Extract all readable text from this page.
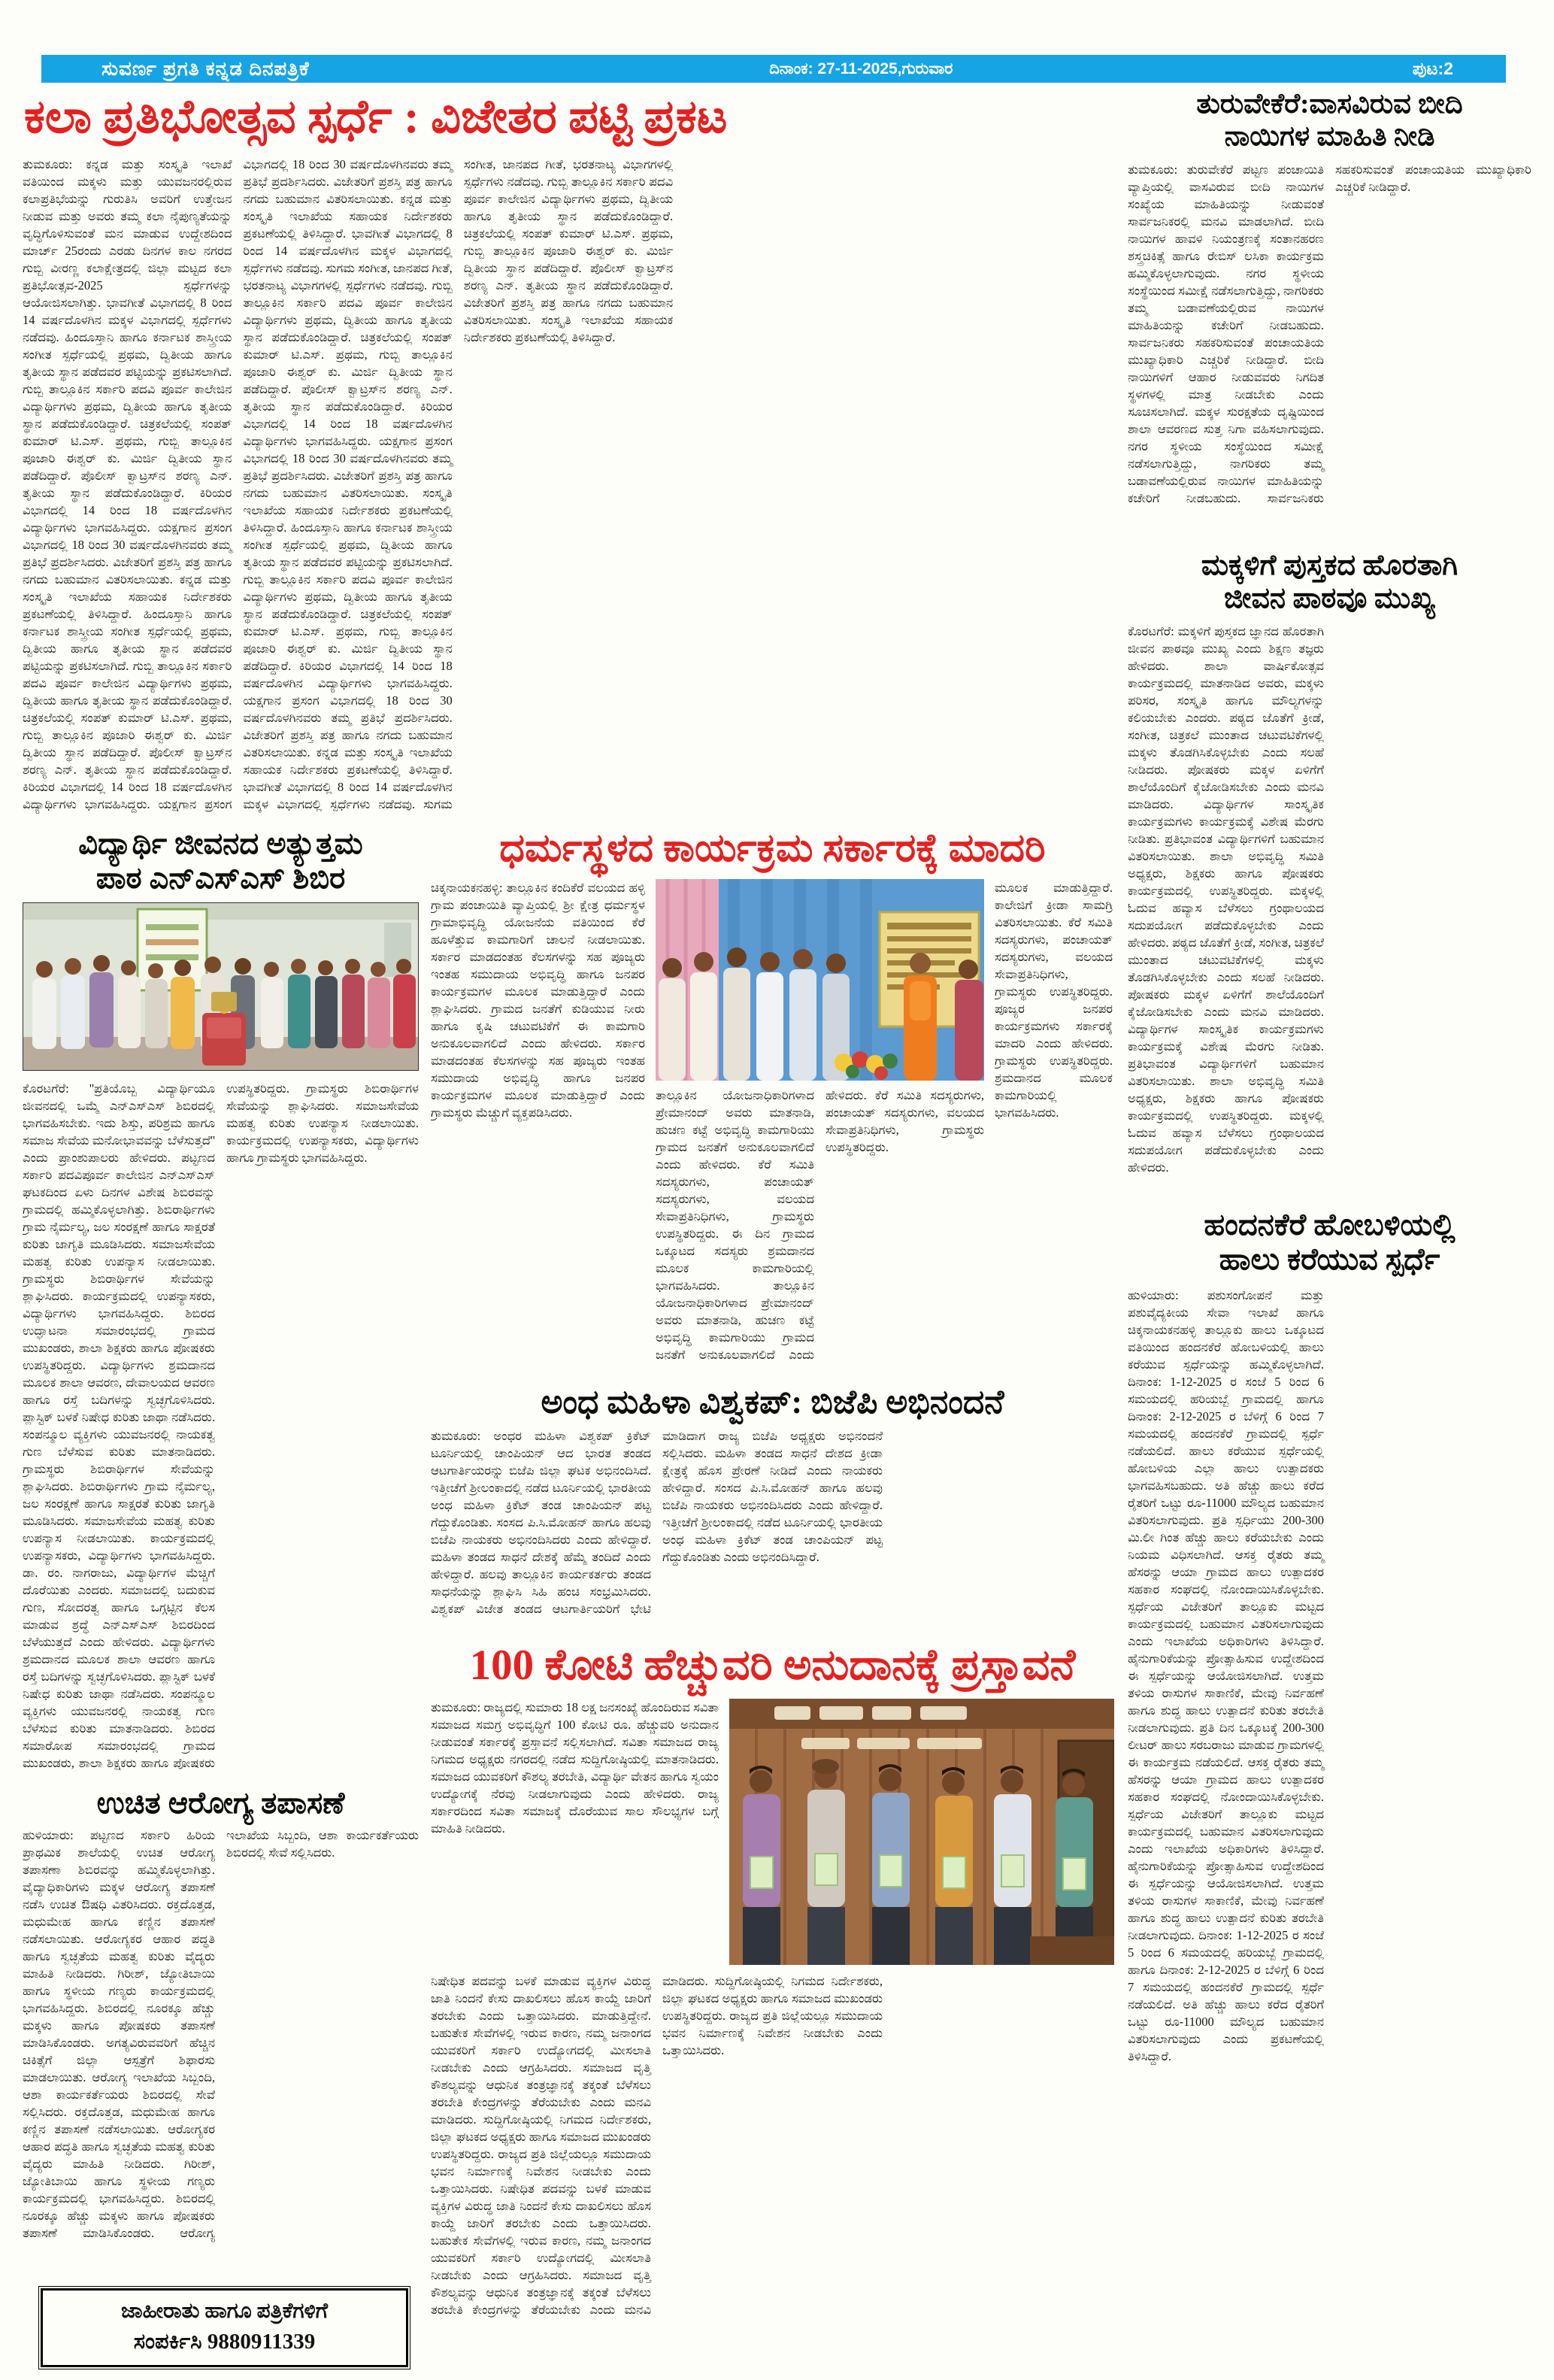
ಸುವರ್ಣ ಪ್ರಗತಿ ಕನ್ನಡ ದಿನಪತ್ರಿಕೆ	ದಿನಾಂಕ: 27-11-2025,ಗುರುವಾರ	ಪುಟ:2
ಕಲಾ ಪ್ರತಿಭೋತ್ಸವ ಸ್ಪರ್ಧೆ : ವಿಜೇತರ ಪಟ್ಟಿ ಪ್ರಕಟ
ತುಮಕೂರು: ಕನ್ನಡ ಮತ್ತು ಸಂಸ್ಕೃತಿ ಇಲಾಖೆ ವತಿಯಿಂದ ಮಕ್ಕಳು ಮತ್ತು ಯುವಜನರಲ್ಲಿರುವ ಕಲಾಪ್ರತಿಭೆಯನ್ನು ಗುರುತಿಸಿ ಅವರಿಗೆ ಉತ್ತೇಜನ ನೀಡುವ ಮತ್ತು ಅವರು ತಮ್ಮ ಕಲಾ ನೈಪುಣ್ಯತೆಯನ್ನು ವೃದ್ಧಿಗೊಳಿಸುವಂತೆ ಮನ ಮಾಡುವ ಉದ್ದೇಶದಿಂದ ಮಾರ್ಚ್ 25ರಂದು ಎರಡು ದಿನಗಳ ಕಾಲ ನಗರದ ಗುಬ್ಬಿ ವೀರಣ್ಣ ಕಲಾಕ್ಷೇತ್ರದಲ್ಲಿ ಜಿಲ್ಲಾ ಮಟ್ಟದ ಕಲಾ ಪ್ರತಿಭೋತ್ಸವ-2025 ಸ್ಪರ್ಧೆಗಳನ್ನು ಆಯೋಜಿಸಲಾಗಿತ್ತು. ಭಾವಗೀತೆ ವಿಭಾಗದಲ್ಲಿ 8 ರಿಂದ 14 ವರ್ಷದೊಳಗಿನ ಮಕ್ಕಳ ವಿಭಾಗದಲ್ಲಿ ಸ್ಪರ್ಧೆಗಳು ನಡೆದವು. ಹಿಂದೂಸ್ತಾನಿ ಹಾಗೂ ಕರ್ನಾಟಕ ಶಾಸ್ತ್ರೀಯ ಸಂಗೀತ ಸ್ಪರ್ಧೆಯಲ್ಲಿ ಪ್ರಥಮ, ದ್ವಿತೀಯ ಹಾಗೂ ತೃತೀಯ ಸ್ಥಾನ ಪಡೆದವರ ಪಟ್ಟಿಯನ್ನು ಪ್ರಕಟಿಸಲಾಗಿದೆ. ಗುಬ್ಬಿ ತಾಲ್ಲೂಕಿನ ಸರ್ಕಾರಿ ಪದವಿ ಪೂರ್ವ ಕಾಲೇಜಿನ ವಿದ್ಯಾರ್ಥಿಗಳು ಪ್ರಥಮ, ದ್ವಿತೀಯ ಹಾಗೂ ತೃತೀಯ ಸ್ಥಾನ ಪಡೆದುಕೊಂಡಿದ್ದಾರೆ. ಚಿತ್ರಕಲೆಯಲ್ಲಿ ಸಂಪತ್ ಕುಮಾರ್ ಟಿ.ಎಸ್. ಪ್ರಥಮ, ಗುಬ್ಬಿ ತಾಲ್ಲೂಕಿನ ಪೂಜಾರಿ ಈಶ್ವರ್ ಕು. ಮಿರ್ಜಿ ದ್ವಿತೀಯ ಸ್ಥಾನ ಪಡೆದಿದ್ದಾರೆ. ಪೊಲೀಸ್ ಕ್ವಾಟ್ರಸ್‌ನ ಶರಣ್ಯ ಎನ್. ತೃತೀಯ ಸ್ಥಾನ ಪಡೆದುಕೊಂಡಿದ್ದಾರೆ. ಕಿರಿಯರ ವಿಭಾಗದಲ್ಲಿ 14 ರಿಂದ 18 ವರ್ಷದೊಳಗಿನ ವಿದ್ಯಾರ್ಥಿಗಳು ಭಾಗವಹಿಸಿದ್ದರು. ಯಕ್ಷಗಾನ ಪ್ರಸಂಗ ವಿಭಾಗದಲ್ಲಿ 18 ರಿಂದ 30 ವರ್ಷದೊಳಗಿನವರು ತಮ್ಮ ಪ್ರತಿಭೆ ಪ್ರದರ್ಶಿಸಿದರು. ವಿಜೇತರಿಗೆ ಪ್ರಶಸ್ತಿ ಪತ್ರ ಹಾಗೂ ನಗದು ಬಹುಮಾನ ವಿತರಿಸಲಾಯಿತು. ಕನ್ನಡ ಮತ್ತು ಸಂಸ್ಕೃತಿ ಇಲಾಖೆಯ ಸಹಾಯಕ ನಿರ್ದೇಶಕರು ಪ್ರಕಟಣೆಯಲ್ಲಿ ತಿಳಿಸಿದ್ದಾರೆ. ಹಿಂದೂಸ್ತಾನಿ ಹಾಗೂ ಕರ್ನಾಟಕ ಶಾಸ್ತ್ರೀಯ ಸಂಗೀತ ಸ್ಪರ್ಧೆಯಲ್ಲಿ ಪ್ರಥಮ, ದ್ವಿತೀಯ ಹಾಗೂ ತೃತೀಯ ಸ್ಥಾನ ಪಡೆದವರ ಪಟ್ಟಿಯನ್ನು ಪ್ರಕಟಿಸಲಾಗಿದೆ. ಗುಬ್ಬಿ ತಾಲ್ಲೂಕಿನ ಸರ್ಕಾರಿ ಪದವಿ ಪೂರ್ವ ಕಾಲೇಜಿನ ವಿದ್ಯಾರ್ಥಿಗಳು ಪ್ರಥಮ, ದ್ವಿತೀಯ ಹಾಗೂ ತೃತೀಯ ಸ್ಥಾನ ಪಡೆದುಕೊಂಡಿದ್ದಾರೆ. ಚಿತ್ರಕಲೆಯಲ್ಲಿ ಸಂಪತ್ ಕುಮಾರ್ ಟಿ.ಎಸ್. ಪ್ರಥಮ, ಗುಬ್ಬಿ ತಾಲ್ಲೂಕಿನ ಪೂಜಾರಿ ಈಶ್ವರ್ ಕು. ಮಿರ್ಜಿ ದ್ವಿತೀಯ ಸ್ಥಾನ ಪಡೆದಿದ್ದಾರೆ. ಪೊಲೀಸ್ ಕ್ವಾಟ್ರಸ್‌ನ ಶರಣ್ಯ ಎನ್. ತೃತೀಯ ಸ್ಥಾನ ಪಡೆದುಕೊಂಡಿದ್ದಾರೆ. ಕಿರಿಯರ ವಿಭಾಗದಲ್ಲಿ 14 ರಿಂದ 18 ವರ್ಷದೊಳಗಿನ ವಿದ್ಯಾರ್ಥಿಗಳು ಭಾಗವಹಿಸಿದ್ದರು. ಯಕ್ಷಗಾನ ಪ್ರಸಂಗ ವಿಭಾಗದಲ್ಲಿ 18 ರಿಂದ 30 ವರ್ಷದೊಳಗಿನವರು ತಮ್ಮ ಪ್ರತಿಭೆ ಪ್ರದರ್ಶಿಸಿದರು. ವಿಜೇತರಿಗೆ ಪ್ರಶಸ್ತಿ ಪತ್ರ ಹಾಗೂ ನಗದು ಬಹುಮಾನ ವಿತರಿಸಲಾಯಿತು. ಕನ್ನಡ ಮತ್ತು ಸಂಸ್ಕೃತಿ ಇಲಾಖೆಯ ಸಹಾಯಕ ನಿರ್ದೇಶಕರು ಪ್ರಕಟಣೆಯಲ್ಲಿ ತಿಳಿಸಿದ್ದಾರೆ. ಭಾವಗೀತೆ ವಿಭಾಗದಲ್ಲಿ 8 ರಿಂದ 14 ವರ್ಷದೊಳಗಿನ ಮಕ್ಕಳ ವಿಭಾಗದಲ್ಲಿ ಸ್ಪರ್ಧೆಗಳು ನಡೆದವು. ಸುಗಮ ಸಂಗೀತ, ಜಾನಪದ ಗೀತೆ, ಭರತನಾಟ್ಯ ವಿಭಾಗಗಳಲ್ಲಿ ಸ್ಪರ್ಧೆಗಳು ನಡೆದವು. ಗುಬ್ಬಿ ತಾಲ್ಲೂಕಿನ ಸರ್ಕಾರಿ ಪದವಿ ಪೂರ್ವ ಕಾಲೇಜಿನ ವಿದ್ಯಾರ್ಥಿಗಳು ಪ್ರಥಮ, ದ್ವಿತೀಯ ಹಾಗೂ ತೃತೀಯ ಸ್ಥಾನ ಪಡೆದುಕೊಂಡಿದ್ದಾರೆ. ಚಿತ್ರಕಲೆಯಲ್ಲಿ ಸಂಪತ್ ಕುಮಾರ್ ಟಿ.ಎಸ್. ಪ್ರಥಮ, ಗುಬ್ಬಿ ತಾಲ್ಲೂಕಿನ ಪೂಜಾರಿ ಈಶ್ವರ್ ಕು. ಮಿರ್ಜಿ ದ್ವಿತೀಯ ಸ್ಥಾನ ಪಡೆದಿದ್ದಾರೆ. ಪೊಲೀಸ್ ಕ್ವಾಟ್ರಸ್‌ನ ಶರಣ್ಯ ಎನ್. ತೃತೀಯ ಸ್ಥಾನ ಪಡೆದುಕೊಂಡಿದ್ದಾರೆ. ಕಿರಿಯರ ವಿಭಾಗದಲ್ಲಿ 14 ರಿಂದ 18 ವರ್ಷದೊಳಗಿನ ವಿದ್ಯಾರ್ಥಿಗಳು ಭಾಗವಹಿಸಿದ್ದರು. ಯಕ್ಷಗಾನ ಪ್ರಸಂಗ ವಿಭಾಗದಲ್ಲಿ 18 ರಿಂದ 30 ವರ್ಷದೊಳಗಿನವರು ತಮ್ಮ ಪ್ರತಿಭೆ ಪ್ರದರ್ಶಿಸಿದರು. ವಿಜೇತರಿಗೆ ಪ್ರಶಸ್ತಿ ಪತ್ರ ಹಾಗೂ ನಗದು ಬಹುಮಾನ ವಿತರಿಸಲಾಯಿತು. ಸಂಸ್ಕೃತಿ ಇಲಾಖೆಯ ಸಹಾಯಕ ನಿರ್ದೇಶಕರು ಪ್ರಕಟಣೆಯಲ್ಲಿ ತಿಳಿಸಿದ್ದಾರೆ. ಹಿಂದೂಸ್ತಾನಿ ಹಾಗೂ ಕರ್ನಾಟಕ ಶಾಸ್ತ್ರೀಯ ಸಂಗೀತ ಸ್ಪರ್ಧೆಯಲ್ಲಿ ಪ್ರಥಮ, ದ್ವಿತೀಯ ಹಾಗೂ ತೃತೀಯ ಸ್ಥಾನ ಪಡೆದವರ ಪಟ್ಟಿಯನ್ನು ಪ್ರಕಟಿಸಲಾಗಿದೆ. ಗುಬ್ಬಿ ತಾಲ್ಲೂಕಿನ ಸರ್ಕಾರಿ ಪದವಿ ಪೂರ್ವ ಕಾಲೇಜಿನ ವಿದ್ಯಾರ್ಥಿಗಳು ಪ್ರಥಮ, ದ್ವಿತೀಯ ಹಾಗೂ ತೃತೀಯ ಸ್ಥಾನ ಪಡೆದುಕೊಂಡಿದ್ದಾರೆ. ಚಿತ್ರಕಲೆಯಲ್ಲಿ ಸಂಪತ್ ಕುಮಾರ್ ಟಿ.ಎಸ್. ಪ್ರಥಮ, ಗುಬ್ಬಿ ತಾಲ್ಲೂಕಿನ ಪೂಜಾರಿ ಈಶ್ವರ್ ಕು. ಮಿರ್ಜಿ ದ್ವಿತೀಯ ಸ್ಥಾನ ಪಡೆದಿದ್ದಾರೆ. ಕಿರಿಯರ ವಿಭಾಗದಲ್ಲಿ 14 ರಿಂದ 18 ವರ್ಷದೊಳಗಿನ ವಿದ್ಯಾರ್ಥಿಗಳು ಭಾಗವಹಿಸಿದ್ದರು. ಯಕ್ಷಗಾನ ಪ್ರಸಂಗ ವಿಭಾಗದಲ್ಲಿ 18 ರಿಂದ 30 ವರ್ಷದೊಳಗಿನವರು ತಮ್ಮ ಪ್ರತಿಭೆ ಪ್ರದರ್ಶಿಸಿದರು. ವಿಜೇತರಿಗೆ ಪ್ರಶಸ್ತಿ ಪತ್ರ ಹಾಗೂ ನಗದು ಬಹುಮಾನ ವಿತರಿಸಲಾಯಿತು. ಕನ್ನಡ ಮತ್ತು ಸಂಸ್ಕೃತಿ ಇಲಾಖೆಯ ಸಹಾಯಕ ನಿರ್ದೇಶಕರು ಪ್ರಕಟಣೆಯಲ್ಲಿ ತಿಳಿಸಿದ್ದಾರೆ. ಭಾವಗೀತೆ ವಿಭಾಗದಲ್ಲಿ 8 ರಿಂದ 14 ವರ್ಷದೊಳಗಿನ ಮಕ್ಕಳ ವಿಭಾಗದಲ್ಲಿ ಸ್ಪರ್ಧೆಗಳು ನಡೆದವು. ಸುಗಮ ಸಂಗೀತ, ಜಾನಪದ ಗೀತೆ, ಭರತನಾಟ್ಯ ವಿಭಾಗಗಳಲ್ಲಿ ಸ್ಪರ್ಧೆಗಳು ನಡೆದವು. ಗುಬ್ಬಿ ತಾಲ್ಲೂಕಿನ ಸರ್ಕಾರಿ ಪದವಿ ಪೂರ್ವ ಕಾಲೇಜಿನ ವಿದ್ಯಾರ್ಥಿಗಳು ಪ್ರಥಮ, ದ್ವಿತೀಯ ಹಾಗೂ ತೃತೀಯ ಸ್ಥಾನ ಪಡೆದುಕೊಂಡಿದ್ದಾರೆ. ಚಿತ್ರಕಲೆಯಲ್ಲಿ ಸಂಪತ್ ಕುಮಾರ್ ಟಿ.ಎಸ್. ಪ್ರಥಮ, ಗುಬ್ಬಿ ತಾಲ್ಲೂಕಿನ ಪೂಜಾರಿ ಈಶ್ವರ್ ಕು. ಮಿರ್ಜಿ ದ್ವಿತೀಯ ಸ್ಥಾನ ಪಡೆದಿದ್ದಾರೆ. ಪೊಲೀಸ್ ಕ್ವಾಟ್ರಸ್‌ನ ಶರಣ್ಯ ಎನ್. ತೃತೀಯ ಸ್ಥಾನ ಪಡೆದುಕೊಂಡಿದ್ದಾರೆ. ವಿಜೇತರಿಗೆ ಪ್ರಶಸ್ತಿ ಪತ್ರ ಹಾಗೂ ನಗದು ಬಹುಮಾನ ವಿತರಿಸಲಾಯಿತು. ಸಂಸ್ಕೃತಿ ಇಲಾಖೆಯ ಸಹಾಯಕ ನಿರ್ದೇಶಕರು ಪ್ರಕಟಣೆಯಲ್ಲಿ ತಿಳಿಸಿದ್ದಾರೆ.
ವಿದ್ಯಾರ್ಥಿ ಜೀವನದ ಅತ್ಯುತ್ತಮ
ಪಾಠ ಎನ್‌ಎಸ್‌ಎಸ್ ಶಿಬಿರ
ಕೊರಟಗೆರೆ: ''ಪ್ರತಿಯೊಬ್ಬ ವಿದ್ಯಾರ್ಥಿಯೂ ಜೀವನದಲ್ಲಿ ಒಮ್ಮೆ ಎನ್‌ಎಸ್‌ಎಸ್ ಶಿಬಿರದಲ್ಲಿ ಭಾಗವಹಿಸಬೇಕು. ಇದು ಶಿಸ್ತು, ಪರಿಶ್ರಮ ಹಾಗೂ ಸಮಾಜ ಸೇವೆಯ ಮನೋಭಾವವನ್ನು ಬೆಳೆಸುತ್ತದೆ'' ಎಂದು ಪ್ರಾಂಶುಪಾಲರು ಹೇಳಿದರು. ಪಟ್ಟಣದ ಸರ್ಕಾರಿ ಪದವಿಪೂರ್ವ ಕಾಲೇಜಿನ ಎನ್‌ಎಸ್‌ಎಸ್ ಘಟಕದಿಂದ ಏಳು ದಿನಗಳ ವಿಶೇಷ ಶಿಬಿರವನ್ನು ಗ್ರಾಮದಲ್ಲಿ ಹಮ್ಮಿಕೊಳ್ಳಲಾಗಿತ್ತು. ಶಿಬಿರಾರ್ಥಿಗಳು ಗ್ರಾಮ ನೈರ್ಮಲ್ಯ, ಜಲ ಸಂರಕ್ಷಣೆ ಹಾಗೂ ಸಾಕ್ಷರತೆ ಕುರಿತು ಜಾಗೃತಿ ಮೂಡಿಸಿದರು. ಸಮಾಜಸೇವೆಯ ಮಹತ್ವ ಕುರಿತು ಉಪನ್ಯಾಸ ನೀಡಲಾಯಿತು. ಗ್ರಾಮಸ್ಥರು ಶಿಬಿರಾರ್ಥಿಗಳ ಸೇವೆಯನ್ನು ಶ್ಲಾಘಿಸಿದರು. ಕಾರ್ಯಕ್ರಮದಲ್ಲಿ ಉಪನ್ಯಾಸಕರು, ವಿದ್ಯಾರ್ಥಿಗಳು ಭಾಗವಹಿಸಿದ್ದರು. ಶಿಬಿರದ ಉದ್ಘಾಟನಾ ಸಮಾರಂಭದಲ್ಲಿ ಗ್ರಾಮದ ಮುಖಂಡರು, ಶಾಲಾ ಶಿಕ್ಷಕರು ಹಾಗೂ ಪೋಷಕರು ಉಪಸ್ಥಿತರಿದ್ದರು. ವಿದ್ಯಾರ್ಥಿಗಳು ಶ್ರಮದಾನದ ಮೂಲಕ ಶಾಲಾ ಆವರಣ, ದೇವಾಲಯದ ಆವರಣ ಹಾಗೂ ರಸ್ತೆ ಬದಿಗಳನ್ನು ಸ್ವಚ್ಛಗೊಳಿಸಿದರು. ಪ್ಲಾಸ್ಟಿಕ್ ಬಳಕೆ ನಿಷೇಧ ಕುರಿತು ಜಾಥಾ ನಡೆಸಿದರು. ಸಂಪನ್ಮೂಲ ವ್ಯಕ್ತಿಗಳು ಯುವಜನರಲ್ಲಿ ನಾಯಕತ್ವ ಗುಣ ಬೆಳೆಸುವ ಕುರಿತು ಮಾತನಾಡಿದರು. ಗ್ರಾಮಸ್ಥರು ಶಿಬಿರಾರ್ಥಿಗಳ ಸೇವೆಯನ್ನು ಶ್ಲಾಘಿಸಿದರು. ಶಿಬಿರಾರ್ಥಿಗಳು ಗ್ರಾಮ ನೈರ್ಮಲ್ಯ, ಜಲ ಸಂರಕ್ಷಣೆ ಹಾಗೂ ಸಾಕ್ಷರತೆ ಕುರಿತು ಜಾಗೃತಿ ಮೂಡಿಸಿದರು. ಸಮಾಜಸೇವೆಯ ಮಹತ್ವ ಕುರಿತು ಉಪನ್ಯಾಸ ನೀಡಲಾಯಿತು. ಕಾರ್ಯಕ್ರಮದಲ್ಲಿ ಉಪನ್ಯಾಸಕರು, ವಿದ್ಯಾರ್ಥಿಗಳು ಭಾಗವಹಿಸಿದ್ದರು. ಡಾ. ರಂ. ನಾಗರಾಜು, ವಿದ್ಯಾರ್ಥಿಗಳ ಮೆಚ್ಚಿಗೆ ದೊರೆಯಿತು ಎಂದರು. ಸಮಾಜದಲ್ಲಿ ಬದುಕುವ ಗುಣ, ಸೋದರತ್ವ ಹಾಗೂ ಒಗ್ಗಟ್ಟಿನ ಕೆಲಸ ಮಾಡುವ ಶ್ರದ್ಧೆ ಎನ್‌ಎಸ್‌ಎಸ್ ಶಿಬಿರದಿಂದ ಬೆಳೆಯುತ್ತದೆ ಎಂದು ಹೇಳಿದರು. ವಿದ್ಯಾರ್ಥಿಗಳು ಶ್ರಮದಾನದ ಮೂಲಕ ಶಾಲಾ ಆವರಣ ಹಾಗೂ ರಸ್ತೆ ಬದಿಗಳನ್ನು ಸ್ವಚ್ಛಗೊಳಿಸಿದರು. ಪ್ಲಾಸ್ಟಿಕ್ ಬಳಕೆ ನಿಷೇಧ ಕುರಿತು ಜಾಥಾ ನಡೆಸಿದರು. ಸಂಪನ್ಮೂಲ ವ್ಯಕ್ತಿಗಳು ಯುವಜನರಲ್ಲಿ ನಾಯಕತ್ವ ಗುಣ ಬೆಳೆಸುವ ಕುರಿತು ಮಾತನಾಡಿದರು. ಶಿಬಿರದ ಸಮಾರೋಪ ಸಮಾರಂಭದಲ್ಲಿ ಗ್ರಾಮದ ಮುಖಂಡರು, ಶಾಲಾ ಶಿಕ್ಷಕರು ಹಾಗೂ ಪೋಷಕರು ಉಪಸ್ಥಿತರಿದ್ದರು. ಗ್ರಾಮಸ್ಥರು ಶಿಬಿರಾರ್ಥಿಗಳ ಸೇವೆಯನ್ನು ಶ್ಲಾಘಿಸಿದರು. ಸಮಾಜಸೇವೆಯ ಮಹತ್ವ ಕುರಿತು ಉಪನ್ಯಾಸ ನೀಡಲಾಯಿತು. ಕಾರ್ಯಕ್ರಮದಲ್ಲಿ ಉಪನ್ಯಾಸಕರು, ವಿದ್ಯಾರ್ಥಿಗಳು ಹಾಗೂ ಗ್ರಾಮಸ್ಥರು ಭಾಗವಹಿಸಿದ್ದರು.
ಉಚಿತ ಆರೋಗ್ಯ ತಪಾಸಣೆ
ಹುಳಿಯಾರು: ಪಟ್ಟಣದ ಸರ್ಕಾರಿ ಹಿರಿಯ ಪ್ರಾಥಮಿಕ ಶಾಲೆಯಲ್ಲಿ ಉಚಿತ ಆರೋಗ್ಯ ತಪಾಸಣಾ ಶಿಬಿರವನ್ನು ಹಮ್ಮಿಕೊಳ್ಳಲಾಗಿತ್ತು. ವೈದ್ಯಾಧಿಕಾರಿಗಳು ಮಕ್ಕಳ ಆರೋಗ್ಯ ತಪಾಸಣೆ ನಡೆಸಿ ಉಚಿತ ಔಷಧಿ ವಿತರಿಸಿದರು. ರಕ್ತದೊತ್ತಡ, ಮಧುಮೇಹ ಹಾಗೂ ಕಣ್ಣಿನ ತಪಾಸಣೆ ನಡೆಸಲಾಯಿತು. ಆರೋಗ್ಯಕರ ಆಹಾರ ಪದ್ಧತಿ ಹಾಗೂ ಸ್ವಚ್ಛತೆಯ ಮಹತ್ವ ಕುರಿತು ವೈದ್ಯರು ಮಾಹಿತಿ ನೀಡಿದರು. ಗಿರೀಶ್, ಜ್ಯೋತಿಬಾಯಿ ಹಾಗೂ ಸ್ಥಳೀಯ ಗಣ್ಯರು ಕಾರ್ಯಕ್ರಮದಲ್ಲಿ ಭಾಗವಹಿಸಿದ್ದರು. ಶಿಬಿರದಲ್ಲಿ ನೂರಕ್ಕೂ ಹೆಚ್ಚು ಮಕ್ಕಳು ಹಾಗೂ ಪೋಷಕರು ತಪಾಸಣೆ ಮಾಡಿಸಿಕೊಂಡರು. ಅಗತ್ಯವಿರುವವರಿಗೆ ಹೆಚ್ಚಿನ ಚಿಕಿತ್ಸೆಗೆ ಜಿಲ್ಲಾ ಆಸ್ಪತ್ರೆಗೆ ಶಿಫಾರಸು ಮಾಡಲಾಯಿತು. ಆರೋಗ್ಯ ಇಲಾಖೆಯ ಸಿಬ್ಬಂದಿ, ಆಶಾ ಕಾರ್ಯಕರ್ತೆಯರು ಶಿಬಿರದಲ್ಲಿ ಸೇವೆ ಸಲ್ಲಿಸಿದರು. ರಕ್ತದೊತ್ತಡ, ಮಧುಮೇಹ ಹಾಗೂ ಕಣ್ಣಿನ ತಪಾಸಣೆ ನಡೆಸಲಾಯಿತು. ಆರೋಗ್ಯಕರ ಆಹಾರ ಪದ್ಧತಿ ಹಾಗೂ ಸ್ವಚ್ಛತೆಯ ಮಹತ್ವ ಕುರಿತು ವೈದ್ಯರು ಮಾಹಿತಿ ನೀಡಿದರು. ಗಿರೀಶ್, ಜ್ಯೋತಿಬಾಯಿ ಹಾಗೂ ಸ್ಥಳೀಯ ಗಣ್ಯರು ಕಾರ್ಯಕ್ರಮದಲ್ಲಿ ಭಾಗವಹಿಸಿದ್ದರು. ಶಿಬಿರದಲ್ಲಿ ನೂರಕ್ಕೂ ಹೆಚ್ಚು ಮಕ್ಕಳು ಹಾಗೂ ಪೋಷಕರು ತಪಾಸಣೆ ಮಾಡಿಸಿಕೊಂಡರು. ಆರೋಗ್ಯ ಇಲಾಖೆಯ ಸಿಬ್ಬಂದಿ, ಆಶಾ ಕಾರ್ಯಕರ್ತೆಯರು ಶಿಬಿರದಲ್ಲಿ ಸೇವೆ ಸಲ್ಲಿಸಿದರು.
ಜಾಹೀರಾತು ಹಾಗೂ ಪತ್ರಿಕೆಗಳಿಗೆ
ಸಂಪರ್ಕಿಸಿ 9880911339
ಧರ್ಮಸ್ಥಳದ ಕಾರ್ಯಕ್ರಮ ಸರ್ಕಾರಕ್ಕೆ ಮಾದರಿ
ಚಿಕ್ಕನಾಯಕನಹಳ್ಳಿ: ತಾಲ್ಲೂಕಿನ ಕಂದಿಕೆರೆ ವಲಯದ ಹಳ್ಳಿ ಗ್ರಾಮ ಪಂಚಾಯಿತಿ ವ್ಯಾಪ್ತಿಯಲ್ಲಿ ಶ್ರೀ ಕ್ಷೇತ್ರ ಧರ್ಮಸ್ಥಳ ಗ್ರಾಮಾಭಿವೃದ್ಧಿ ಯೋಜನೆಯ ವತಿಯಿಂದ ಕೆರೆ ಹೂಳೆತ್ತುವ ಕಾಮಗಾರಿಗೆ ಚಾಲನೆ ನೀಡಲಾಯಿತು. ಸರ್ಕಾರ ಮಾಡದಂತಹ ಕೆಲಸಗಳನ್ನು ಸಹ ಪೂಜ್ಯರು ಇಂತಹ ಸಮುದಾಯ ಅಭಿವೃದ್ಧಿ ಹಾಗೂ ಜನಪರ ಕಾರ್ಯಕ್ರಮಗಳ ಮೂಲಕ ಮಾಡುತ್ತಿದ್ದಾರೆ ಎಂದು ಶ್ಲಾಘಿಸಿದರು. ಗ್ರಾಮದ ಜನತೆಗೆ ಕುಡಿಯುವ ನೀರು ಹಾಗೂ ಕೃಷಿ ಚಟುವಟಿಕೆಗೆ ಈ ಕಾಮಗಾರಿ ಅನುಕೂಲವಾಗಲಿದೆ ಎಂದು ಹೇಳಿದರು. ಸರ್ಕಾರ ಮಾಡದಂತಹ ಕೆಲಸಗಳನ್ನು ಸಹ ಪೂಜ್ಯರು ಇಂತಹ ಸಮುದಾಯ ಅಭಿವೃದ್ಧಿ ಹಾಗೂ ಜನಪರ ಕಾರ್ಯಕ್ರಮಗಳ ಮೂಲಕ ಮಾಡುತ್ತಿದ್ದಾರೆ ಎಂದು ಗ್ರಾಮಸ್ಥರು ಮೆಚ್ಚುಗೆ ವ್ಯಕ್ತಪಡಿಸಿದರು.
ತಾಲ್ಲೂಕಿನ ಯೋಜನಾಧಿಕಾರಿಗಳಾದ ಪ್ರೇಮಾನಂದ್ ಅವರು ಮಾತನಾಡಿ, ಹುಚಣ ಕಟ್ಟೆ ಅಭಿವೃದ್ಧಿ ಕಾಮಗಾರಿಯು ಗ್ರಾಮದ ಜನತೆಗೆ ಅನುಕೂಲವಾಗಲಿದೆ ಎಂದು ಹೇಳಿದರು. ಕೆರೆ ಸಮಿತಿ ಸದಸ್ಯರುಗಳು, ಪಂಚಾಯತ್ ಸದಸ್ಯರುಗಳು, ವಲಯದ ಸೇವಾಪ್ರತಿನಿಧಿಗಳು, ಗ್ರಾಮಸ್ಥರು ಉಪಸ್ಥಿತರಿದ್ದರು. ಈ ದಿನ ಗ್ರಾಮದ ಒಕ್ಕೂಟದ ಸದಸ್ಯರು ಶ್ರಮದಾನದ ಮೂಲಕ ಕಾಮಗಾರಿಯಲ್ಲಿ ಭಾಗವಹಿಸಿದರು. ತಾಲ್ಲೂಕಿನ ಯೋಜನಾಧಿಕಾರಿಗಳಾದ ಪ್ರೇಮಾನಂದ್ ಅವರು ಮಾತನಾಡಿ, ಹುಚಣ ಕಟ್ಟೆ ಅಭಿವೃದ್ಧಿ ಕಾಮಗಾರಿಯು ಗ್ರಾಮದ ಜನತೆಗೆ ಅನುಕೂಲವಾಗಲಿದೆ ಎಂದು ಹೇಳಿದರು. ಕೆರೆ ಸಮಿತಿ ಸದಸ್ಯರುಗಳು, ಪಂಚಾಯತ್ ಸದಸ್ಯರುಗಳು, ವಲಯದ ಸೇವಾಪ್ರತಿನಿಧಿಗಳು, ಗ್ರಾಮಸ್ಥರು ಉಪಸ್ಥಿತರಿದ್ದರು.
ಮೂಲಕ ಮಾಡುತ್ತಿದ್ದಾರೆ. ಕಾಲೇಜಿಗೆ ಕ್ರೀಡಾ ಸಾಮಗ್ರಿ ವಿತರಿಸಲಾಯಿತು. ಕೆರೆ ಸಮಿತಿ ಸದಸ್ಯರುಗಳು, ಪಂಚಾಯತ್ ಸದಸ್ಯರುಗಳು, ವಲಯದ ಸೇವಾಪ್ರತಿನಿಧಿಗಳು, ಗ್ರಾಮಸ್ಥರು ಉಪಸ್ಥಿತರಿದ್ದರು. ಪೂಜ್ಯರ ಜನಪರ ಕಾರ್ಯಕ್ರಮಗಳು ಸರ್ಕಾರಕ್ಕೆ ಮಾದರಿ ಎಂದು ಹೇಳಿದರು. ಗ್ರಾಮಸ್ಥರು ಉಪಸ್ಥಿತರಿದ್ದರು. ಶ್ರಮದಾನದ ಮೂಲಕ ಕಾಮಗಾರಿಯಲ್ಲಿ ಭಾಗವಹಿಸಿದರು.
ಅಂಧ ಮಹಿಳಾ ವಿಶ್ವಕಪ್: ಬಿಜೆಪಿ ಅಭಿನಂದನೆ
ತುಮಕೂರು: ಅಂಧರ ಮಹಿಳಾ ವಿಶ್ವಕಪ್ ಕ್ರಿಕೆಟ್ ಟೂರ್ನಿಯಲ್ಲಿ ಚಾಂಪಿಯನ್ ಆದ ಭಾರತ ತಂಡದ ಆಟಗಾರ್ತಿಯರನ್ನು ಬಿಜೆಪಿ ಜಿಲ್ಲಾ ಘಟಕ ಅಭಿನಂದಿಸಿದೆ. ಇತ್ತೀಚೆಗೆ ಶ್ರೀಲಂಕಾದಲ್ಲಿ ನಡೆದ ಟೂರ್ನಿಯಲ್ಲಿ ಭಾರತೀಯ ಅಂಧ ಮಹಿಳಾ ಕ್ರಿಕೆಟ್ ತಂಡ ಚಾಂಪಿಯನ್ ಪಟ್ಟ ಗೆದ್ದುಕೊಂಡಿತು. ಸಂಸದ ಪಿ.ಸಿ.ಮೋಹನ್ ಹಾಗೂ ಹಲವು ಬಿಜೆಪಿ ನಾಯಕರು ಅಭಿನಂದಿಸಿದರು ಎಂದು ಹೇಳಿದ್ದಾರೆ. ಮಹಿಳಾ ತಂಡದ ಸಾಧನೆ ದೇಶಕ್ಕೆ ಹೆಮ್ಮೆ ತಂದಿದೆ ಎಂದು ಹೇಳಿದ್ದಾರೆ. ಹಲವು ತಾಲ್ಲೂಕಿನ ಕಾರ್ಯಕರ್ತರು ತಂಡದ ಸಾಧನೆಯನ್ನು ಶ್ಲಾಘಿಸಿ ಸಿಹಿ ಹಂಚಿ ಸಂಭ್ರಮಿಸಿದರು. ವಿಶ್ವಕಪ್ ವಿಜೇತ ತಂಡದ ಆಟಗಾರ್ತಿಯರಿಗೆ ಭೇಟಿ ಮಾಡಿದಾಗ ರಾಜ್ಯ ಬಿಜೆಪಿ ಅಧ್ಯಕ್ಷರು ಅಭಿನಂದನೆ ಸಲ್ಲಿಸಿದರು. ಮಹಿಳಾ ತಂಡದ ಸಾಧನೆ ದೇಶದ ಕ್ರೀಡಾ ಕ್ಷೇತ್ರಕ್ಕೆ ಹೊಸ ಪ್ರೇರಣೆ ನೀಡಿದೆ ಎಂದು ನಾಯಕರು ಹೇಳಿದ್ದಾರೆ. ಸಂಸದ ಪಿ.ಸಿ.ಮೋಹನ್ ಹಾಗೂ ಹಲವು ಬಿಜೆಪಿ ನಾಯಕರು ಅಭಿನಂದಿಸಿದರು ಎಂದು ಹೇಳಿದ್ದಾರೆ. ಇತ್ತೀಚೆಗೆ ಶ್ರೀಲಂಕಾದಲ್ಲಿ ನಡೆದ ಟೂರ್ನಿಯಲ್ಲಿ ಭಾರತೀಯ ಅಂಧ ಮಹಿಳಾ ಕ್ರಿಕೆಟ್ ತಂಡ ಚಾಂಪಿಯನ್ ಪಟ್ಟ ಗೆದ್ದುಕೊಂಡಿತು ಎಂದು ಅಭಿನಂದಿಸಿದ್ದಾರೆ.
100 ಕೋಟಿ ಹೆಚ್ಚುವರಿ ಅನುದಾನಕ್ಕೆ ಪ್ರಸ್ತಾವನೆ
ತುಮಕೂರು: ರಾಜ್ಯದಲ್ಲಿ ಸುಮಾರು 18 ಲಕ್ಷ ಜನಸಂಖ್ಯೆ ಹೊಂದಿರುವ ಸವಿತಾ ಸಮಾಜದ ಸಮಗ್ರ ಅಭಿವೃದ್ಧಿಗೆ 100 ಕೋಟಿ ರೂ. ಹೆಚ್ಚುವರಿ ಅನುದಾನ ನೀಡುವಂತೆ ಸರ್ಕಾರಕ್ಕೆ ಪ್ರಸ್ತಾವನೆ ಸಲ್ಲಿಸಲಾಗಿದೆ. ಸವಿತಾ ಸಮಾಜದ ರಾಜ್ಯ ನಿಗಮದ ಅಧ್ಯಕ್ಷರು ನಗರದಲ್ಲಿ ನಡೆದ ಸುದ್ದಿಗೋಷ್ಠಿಯಲ್ಲಿ ಮಾತನಾಡಿದರು. ಸಮಾಜದ ಯುವಕರಿಗೆ ಕೌಶಲ್ಯ ತರಬೇತಿ, ವಿದ್ಯಾರ್ಥಿ ವೇತನ ಹಾಗೂ ಸ್ವಯಂ ಉದ್ಯೋಗಕ್ಕೆ ನೆರವು ನೀಡಲಾಗುವುದು ಎಂದು ಹೇಳಿದರು. ರಾಜ್ಯ ಸರ್ಕಾರದಿಂದ ಸವಿತಾ ಸಮಾಜಕ್ಕೆ ದೊರೆಯುವ ಸಾಲ ಸೌಲಭ್ಯಗಳ ಬಗ್ಗೆ ಮಾಹಿತಿ ನೀಡಿದರು.
ನಿಷೇಧಿತ ಪದವನ್ನು ಬಳಕೆ ಮಾಡುವ ವ್ಯಕ್ತಿಗಳ ವಿರುದ್ಧ ಜಾತಿ ನಿಂದನೆ ಕೇಸು ದಾಖಲಿಸಲು ಹೊಸ ಕಾಯ್ದೆ ಜಾರಿಗೆ ತರಬೇಕು ಎಂದು ಒತ್ತಾಯಿಸಿದರು. ಮಾಡುತ್ತಿದ್ದೇನೆ. ಬಹುತೇಕ ಸೇವೆಗಳಲ್ಲಿ ಇರುವ ಕಾರಣ, ನಮ್ಮ ಜನಾಂಗದ ಯುವಕರಿಗೆ ಸರ್ಕಾರಿ ಉದ್ಯೋಗದಲ್ಲಿ ಮೀಸಲಾತಿ ನೀಡಬೇಕು ಎಂದು ಆಗ್ರಹಿಸಿದರು. ಸಮಾಜದ ವೃತ್ತಿ ಕೌಶಲ್ಯವನ್ನು ಆಧುನಿಕ ತಂತ್ರಜ್ಞಾನಕ್ಕೆ ತಕ್ಕಂತೆ ಬೆಳೆಸಲು ತರಬೇತಿ ಕೇಂದ್ರಗಳನ್ನು ತೆರೆಯಬೇಕು ಎಂದು ಮನವಿ ಮಾಡಿದರು. ಸುದ್ದಿಗೋಷ್ಠಿಯಲ್ಲಿ ನಿಗಮದ ನಿರ್ದೇಶಕರು, ಜಿಲ್ಲಾ ಘಟಕದ ಅಧ್ಯಕ್ಷರು ಹಾಗೂ ಸಮಾಜದ ಮುಖಂಡರು ಉಪಸ್ಥಿತರಿದ್ದರು. ರಾಜ್ಯದ ಪ್ರತಿ ಜಿಲ್ಲೆಯಲ್ಲೂ ಸಮುದಾಯ ಭವನ ನಿರ್ಮಾಣಕ್ಕೆ ನಿವೇಶನ ನೀಡಬೇಕು ಎಂದು ಒತ್ತಾಯಿಸಿದರು. ನಿಷೇಧಿತ ಪದವನ್ನು ಬಳಕೆ ಮಾಡುವ ವ್ಯಕ್ತಿಗಳ ವಿರುದ್ಧ ಜಾತಿ ನಿಂದನೆ ಕೇಸು ದಾಖಲಿಸಲು ಹೊಸ ಕಾಯ್ದೆ ಜಾರಿಗೆ ತರಬೇಕು ಎಂದು ಒತ್ತಾಯಿಸಿದರು. ಬಹುತೇಕ ಸೇವೆಗಳಲ್ಲಿ ಇರುವ ಕಾರಣ, ನಮ್ಮ ಜನಾಂಗದ ಯುವಕರಿಗೆ ಸರ್ಕಾರಿ ಉದ್ಯೋಗದಲ್ಲಿ ಮೀಸಲಾತಿ ನೀಡಬೇಕು ಎಂದು ಆಗ್ರಹಿಸಿದರು. ಸಮಾಜದ ವೃತ್ತಿ ಕೌಶಲ್ಯವನ್ನು ಆಧುನಿಕ ತಂತ್ರಜ್ಞಾನಕ್ಕೆ ತಕ್ಕಂತೆ ಬೆಳೆಸಲು ತರಬೇತಿ ಕೇಂದ್ರಗಳನ್ನು ತೆರೆಯಬೇಕು ಎಂದು ಮನವಿ ಮಾಡಿದರು. ಸುದ್ದಿಗೋಷ್ಠಿಯಲ್ಲಿ ನಿಗಮದ ನಿರ್ದೇಶಕರು, ಜಿಲ್ಲಾ ಘಟಕದ ಅಧ್ಯಕ್ಷರು ಹಾಗೂ ಸಮಾಜದ ಮುಖಂಡರು ಉಪಸ್ಥಿತರಿದ್ದರು. ರಾಜ್ಯದ ಪ್ರತಿ ಜಿಲ್ಲೆಯಲ್ಲೂ ಸಮುದಾಯ ಭವನ ನಿರ್ಮಾಣಕ್ಕೆ ನಿವೇಶನ ನೀಡಬೇಕು ಎಂದು ಒತ್ತಾಯಿಸಿದರು.
ತುರುವೇಕೆರೆ:ವಾಸವಿರುವ ಬೀದಿ
ನಾಯಿಗಳ ಮಾಹಿತಿ ನೀಡಿ
ತುಮಕೂರು: ತುರುವೇಕೆರೆ ಪಟ್ಟಣ ಪಂಚಾಯಿತಿ ವ್ಯಾಪ್ತಿಯಲ್ಲಿ ವಾಸವಿರುವ ಬೀದಿ ನಾಯಿಗಳ ಸಂಖ್ಯೆಯ ಮಾಹಿತಿಯನ್ನು ನೀಡುವಂತೆ ಸಾರ್ವಜನಿಕರಲ್ಲಿ ಮನವಿ ಮಾಡಲಾಗಿದೆ. ಬೀದಿ ನಾಯಿಗಳ ಹಾವಳಿ ನಿಯಂತ್ರಣಕ್ಕೆ ಸಂತಾನಹರಣ ಶಸ್ತ್ರಚಿಕಿತ್ಸೆ ಹಾಗೂ ರೇಬಿಸ್ ಲಸಿಕಾ ಕಾರ್ಯಕ್ರಮ ಹಮ್ಮಿಕೊಳ್ಳಲಾಗುವುದು. ನಗರ ಸ್ಥಳೀಯ ಸಂಸ್ಥೆಯಿಂದ ಸಮೀಕ್ಷೆ ನಡೆಸಲಾಗುತ್ತಿದ್ದು, ನಾಗರಿಕರು ತಮ್ಮ ಬಡಾವಣೆಯಲ್ಲಿರುವ ನಾಯಿಗಳ ಮಾಹಿತಿಯನ್ನು ಕಚೇರಿಗೆ ನೀಡಬಹುದು. ಸಾರ್ವಜನಿಕರು ಸಹಕರಿಸುವಂತೆ ಪಂಚಾಯತಿಯ ಮುಖ್ಯಾಧಿಕಾರಿ ಎಚ್ಚರಿಕೆ ನೀಡಿದ್ದಾರೆ. ಬೀದಿ ನಾಯಿಗಳಿಗೆ ಆಹಾರ ನೀಡುವವರು ನಿಗದಿತ ಸ್ಥಳಗಳಲ್ಲಿ ಮಾತ್ರ ನೀಡಬೇಕು ಎಂದು ಸೂಚಿಸಲಾಗಿದೆ. ಮಕ್ಕಳ ಸುರಕ್ಷತೆಯ ದೃಷ್ಟಿಯಿಂದ ಶಾಲಾ ಆವರಣದ ಸುತ್ತ ನಿಗಾ ವಹಿಸಲಾಗುವುದು. ನಗರ ಸ್ಥಳೀಯ ಸಂಸ್ಥೆಯಿಂದ ಸಮೀಕ್ಷೆ ನಡೆಸಲಾಗುತ್ತಿದ್ದು, ನಾಗರಿಕರು ತಮ್ಮ ಬಡಾವಣೆಯಲ್ಲಿರುವ ನಾಯಿಗಳ ಮಾಹಿತಿಯನ್ನು ಕಚೇರಿಗೆ ನೀಡಬಹುದು. ಸಾರ್ವಜನಿಕರು ಸಹಕರಿಸುವಂತೆ ಪಂಚಾಯತಿಯ ಮುಖ್ಯಾಧಿಕಾರಿ ಎಚ್ಚರಿಕೆ ನೀಡಿದ್ದಾರೆ.
ಮಕ್ಕಳಿಗೆ ಪುಸ್ತಕದ ಹೊರತಾಗಿ
ಜೀವನ ಪಾಠವೂ ಮುಖ್ಯ
ಕೊರಟಗೆರೆ: ಮಕ್ಕಳಿಗೆ ಪುಸ್ತಕದ ಜ್ಞಾನದ ಹೊರತಾಗಿ ಜೀವನ ಪಾಠವೂ ಮುಖ್ಯ ಎಂದು ಶಿಕ್ಷಣ ತಜ್ಞರು ಹೇಳಿದರು. ಶಾಲಾ ವಾರ್ಷಿಕೋತ್ಸವ ಕಾರ್ಯಕ್ರಮದಲ್ಲಿ ಮಾತನಾಡಿದ ಅವರು, ಮಕ್ಕಳು ಪರಿಸರ, ಸಂಸ್ಕೃತಿ ಹಾಗೂ ಮೌಲ್ಯಗಳನ್ನು ಕಲಿಯಬೇಕು ಎಂದರು. ಪಠ್ಯದ ಜೊತೆಗೆ ಕ್ರೀಡೆ, ಸಂಗೀತ, ಚಿತ್ರಕಲೆ ಮುಂತಾದ ಚಟುವಟಿಕೆಗಳಲ್ಲಿ ಮಕ್ಕಳು ತೊಡಗಿಸಿಕೊಳ್ಳಬೇಕು ಎಂದು ಸಲಹೆ ನೀಡಿದರು. ಪೋಷಕರು ಮಕ್ಕಳ ಏಳಿಗೆಗೆ ಶಾಲೆಯೊಂದಿಗೆ ಕೈಜೋಡಿಸಬೇಕು ಎಂದು ಮನವಿ ಮಾಡಿದರು. ವಿದ್ಯಾರ್ಥಿಗಳ ಸಾಂಸ್ಕೃತಿಕ ಕಾರ್ಯಕ್ರಮಗಳು ಕಾರ್ಯಕ್ರಮಕ್ಕೆ ವಿಶೇಷ ಮೆರಗು ನೀಡಿತು. ಪ್ರತಿಭಾವಂತ ವಿದ್ಯಾರ್ಥಿಗಳಿಗೆ ಬಹುಮಾನ ವಿತರಿಸಲಾಯಿತು. ಶಾಲಾ ಅಭಿವೃದ್ಧಿ ಸಮಿತಿ ಅಧ್ಯಕ್ಷರು, ಶಿಕ್ಷಕರು ಹಾಗೂ ಪೋಷಕರು ಕಾರ್ಯಕ್ರಮದಲ್ಲಿ ಉಪಸ್ಥಿತರಿದ್ದರು. ಮಕ್ಕಳಲ್ಲಿ ಓದುವ ಹವ್ಯಾಸ ಬೆಳೆಸಲು ಗ್ರಂಥಾಲಯದ ಸದುಪಯೋಗ ಪಡೆದುಕೊಳ್ಳಬೇಕು ಎಂದು ಹೇಳಿದರು. ಪಠ್ಯದ ಜೊತೆಗೆ ಕ್ರೀಡೆ, ಸಂಗೀತ, ಚಿತ್ರಕಲೆ ಮುಂತಾದ ಚಟುವಟಿಕೆಗಳಲ್ಲಿ ಮಕ್ಕಳು ತೊಡಗಿಸಿಕೊಳ್ಳಬೇಕು ಎಂದು ಸಲಹೆ ನೀಡಿದರು. ಪೋಷಕರು ಮಕ್ಕಳ ಏಳಿಗೆಗೆ ಶಾಲೆಯೊಂದಿಗೆ ಕೈಜೋಡಿಸಬೇಕು ಎಂದು ಮನವಿ ಮಾಡಿದರು. ವಿದ್ಯಾರ್ಥಿಗಳ ಸಾಂಸ್ಕೃತಿಕ ಕಾರ್ಯಕ್ರಮಗಳು ಕಾರ್ಯಕ್ರಮಕ್ಕೆ ವಿಶೇಷ ಮೆರಗು ನೀಡಿತು. ಪ್ರತಿಭಾವಂತ ವಿದ್ಯಾರ್ಥಿಗಳಿಗೆ ಬಹುಮಾನ ವಿತರಿಸಲಾಯಿತು. ಶಾಲಾ ಅಭಿವೃದ್ಧಿ ಸಮಿತಿ ಅಧ್ಯಕ್ಷರು, ಶಿಕ್ಷಕರು ಹಾಗೂ ಪೋಷಕರು ಕಾರ್ಯಕ್ರಮದಲ್ಲಿ ಉಪಸ್ಥಿತರಿದ್ದರು. ಮಕ್ಕಳಲ್ಲಿ ಓದುವ ಹವ್ಯಾಸ ಬೆಳೆಸಲು ಗ್ರಂಥಾಲಯದ ಸದುಪಯೋಗ ಪಡೆದುಕೊಳ್ಳಬೇಕು ಎಂದು ಹೇಳಿದರು.
ಹಂದನಕೆರೆ ಹೋಬಳಿಯಲ್ಲಿ
ಹಾಲು ಕರೆಯುವ ಸ್ಪರ್ಧೆ
ಹುಳಿಯಾರು: ಪಶುಸಂಗೋಪನೆ ಮತ್ತು ಪಶುವೈದ್ಯಕೀಯ ಸೇವಾ ಇಲಾಖೆ ಹಾಗೂ ಚಿಕ್ಕನಾಯಕನಹಳ್ಳಿ ತಾಲ್ಲೂಕು ಹಾಲು ಒಕ್ಕೂಟದ ವತಿಯಿಂದ ಹಂದನಕೆರೆ ಹೋಬಳಿಯಲ್ಲಿ ಹಾಲು ಕರೆಯುವ ಸ್ಪರ್ಧೆಯನ್ನು ಹಮ್ಮಿಕೊಳ್ಳಲಾಗಿದೆ. ದಿನಾಂಕ: 1-12-2025 ರ ಸಂಜೆ 5 ರಿಂದ 6 ಸಮಯದಲ್ಲಿ ಹರಿಯಬ್ಬೆ ಗ್ರಾಮದಲ್ಲಿ ಹಾಗೂ ದಿನಾಂಕ: 2-12-2025 ರ ಬೆಳಿಗ್ಗೆ 6 ರಿಂದ 7 ಸಮಯದಲ್ಲಿ ಹಂದನಕೆರೆ ಗ್ರಾಮದಲ್ಲಿ ಸ್ಪರ್ಧೆ ನಡೆಯಲಿದೆ. ಹಾಲು ಕರೆಯುವ ಸ್ಪರ್ಧೆಯಲ್ಲಿ ಹೋಬಳಿಯ ಎಲ್ಲಾ ಹಾಲು ಉತ್ಪಾದಕರು ಭಾಗವಹಿಸಬಹುದು. ಅತಿ ಹೆಚ್ಚು ಹಾಲು ಕರೆದ ರೈತರಿಗೆ ಒಟ್ಟು ರೂ-11000 ಮೌಲ್ಯದ ಬಹುಮಾನ ವಿತರಿಸಲಾಗುವುದು. ಪ್ರತಿ ಸ್ಪರ್ಧಿಯು 200-300 ಮಿ.ಲೀ ಗಿಂತ ಹೆಚ್ಚು ಹಾಲು ಕರೆಯಬೇಕು ಎಂದು ನಿಯಮ ವಿಧಿಸಲಾಗಿದೆ. ಆಸಕ್ತ ರೈತರು ತಮ್ಮ ಹೆಸರನ್ನು ಆಯಾ ಗ್ರಾಮದ ಹಾಲು ಉತ್ಪಾದಕರ ಸಹಕಾರ ಸಂಘದಲ್ಲಿ ನೋಂದಾಯಿಸಿಕೊಳ್ಳಬೇಕು. ಸ್ಪರ್ಧೆಯ ವಿಜೇತರಿಗೆ ತಾಲ್ಲೂಕು ಮಟ್ಟದ ಕಾರ್ಯಕ್ರಮದಲ್ಲಿ ಬಹುಮಾನ ವಿತರಿಸಲಾಗುವುದು ಎಂದು ಇಲಾಖೆಯ ಅಧಿಕಾರಿಗಳು ತಿಳಿಸಿದ್ದಾರೆ. ಹೈನುಗಾರಿಕೆಯನ್ನು ಪ್ರೋತ್ಸಾಹಿಸುವ ಉದ್ದೇಶದಿಂದ ಈ ಸ್ಪರ್ಧೆಯನ್ನು ಆಯೋಜಿಸಲಾಗಿದೆ. ಉತ್ತಮ ತಳಿಯ ರಾಸುಗಳ ಸಾಕಾಣಿಕೆ, ಮೇವು ನಿರ್ವಹಣೆ ಹಾಗೂ ಶುದ್ಧ ಹಾಲು ಉತ್ಪಾದನೆ ಕುರಿತು ತರಬೇತಿ ನೀಡಲಾಗುವುದು. ಪ್ರತಿ ದಿನ ಒಕ್ಕೂಟಕ್ಕೆ 200-300 ಲೀಟರ್ ಹಾಲು ಸರಬರಾಜು ಮಾಡುವ ಗ್ರಾಮಗಳಲ್ಲಿ ಈ ಕಾರ್ಯಕ್ರಮ ನಡೆಯಲಿದೆ. ಆಸಕ್ತ ರೈತರು ತಮ್ಮ ಹೆಸರನ್ನು ಆಯಾ ಗ್ರಾಮದ ಹಾಲು ಉತ್ಪಾದಕರ ಸಹಕಾರ ಸಂಘದಲ್ಲಿ ನೋಂದಾಯಿಸಿಕೊಳ್ಳಬೇಕು. ಸ್ಪರ್ಧೆಯ ವಿಜೇತರಿಗೆ ತಾಲ್ಲೂಕು ಮಟ್ಟದ ಕಾರ್ಯಕ್ರಮದಲ್ಲಿ ಬಹುಮಾನ ವಿತರಿಸಲಾಗುವುದು ಎಂದು ಇಲಾಖೆಯ ಅಧಿಕಾರಿಗಳು ತಿಳಿಸಿದ್ದಾರೆ. ಹೈನುಗಾರಿಕೆಯನ್ನು ಪ್ರೋತ್ಸಾಹಿಸುವ ಉದ್ದೇಶದಿಂದ ಈ ಸ್ಪರ್ಧೆಯನ್ನು ಆಯೋಜಿಸಲಾಗಿದೆ. ಉತ್ತಮ ತಳಿಯ ರಾಸುಗಳ ಸಾಕಾಣಿಕೆ, ಮೇವು ನಿರ್ವಹಣೆ ಹಾಗೂ ಶುದ್ಧ ಹಾಲು ಉತ್ಪಾದನೆ ಕುರಿತು ತರಬೇತಿ ನೀಡಲಾಗುವುದು. ದಿನಾಂಕ: 1-12-2025 ರ ಸಂಜೆ 5 ರಿಂದ 6 ಸಮಯದಲ್ಲಿ ಹರಿಯಬ್ಬೆ ಗ್ರಾಮದಲ್ಲಿ ಹಾಗೂ ದಿನಾಂಕ: 2-12-2025 ರ ಬೆಳಿಗ್ಗೆ 6 ರಿಂದ 7 ಸಮಯದಲ್ಲಿ ಹಂದನಕೆರೆ ಗ್ರಾಮದಲ್ಲಿ ಸ್ಪರ್ಧೆ ನಡೆಯಲಿದೆ. ಅತಿ ಹೆಚ್ಚು ಹಾಲು ಕರೆದ ರೈತರಿಗೆ ಒಟ್ಟು ರೂ-11000 ಮೌಲ್ಯದ ಬಹುಮಾನ ವಿತರಿಸಲಾಗುವುದು ಎಂದು ಪ್ರಕಟಣೆಯಲ್ಲಿ ತಿಳಿಸಿದ್ದಾರೆ.
